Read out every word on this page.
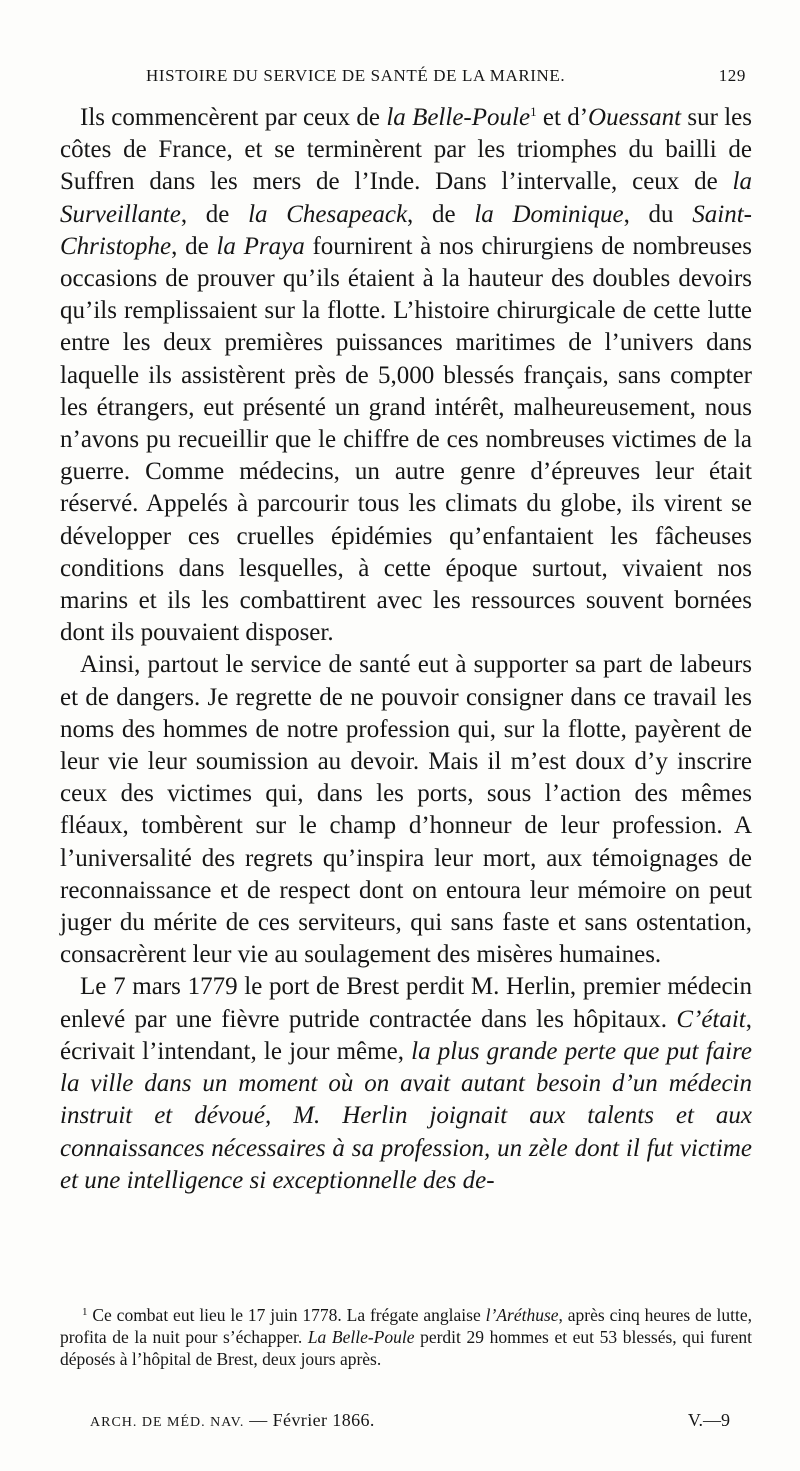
HISTOIRE DU SERVICE DE SANTÉ DE LA MARINE.	129

Ils commencèrent par ceux de la Belle-Poule$^1$ et d’Ouessant sur les côtes de France, et se terminèrent par les triomphes du bailli de Suffren dans les mers de l’Inde. Dans l’intervalle, ceux de la Surveillante, de la Chesapeack, de la Dominique, du Saint-Christophe, de la Praya fournirent à nos chirurgiens de nombreuses occasions de prouver qu’ils étaient à la hauteur des doubles devoirs qu’ils remplissaient sur la flotte. L’histoire chirurgicale de cette lutte entre les deux premières puissances maritimes de l’univers dans laquelle ils assistèrent près de 5,000 blessés français, sans compter les étrangers, eut présenté un grand intérêt, malheureusement, nous n’avons pu recueillir que le chiffre de ces nombreuses victimes de la guerre. Comme médecins, un autre genre d’épreuves leur était réservé. Appelés à parcourir tous les climats du globe, ils virent se développer ces cruelles épidémies qu’enfantaient les fâcheuses conditions dans lesquelles, à cette époque surtout, vivaient nos marins et ils les combattirent avec les ressources souvent bornées dont ils pouvaient disposer.

Ainsi, partout le service de santé eut à supporter sa part de labeurs et de dangers. Je regrette de ne pouvoir consigner dans ce travail les noms des hommes de notre profession qui, sur la flotte, payèrent de leur vie leur soumission au devoir. Mais il m’est doux d’y inscrire ceux des victimes qui, dans les ports, sous l’action des mêmes fléaux, tombèrent sur le champ d’honneur de leur profession. A l’universalité des regrets qu’inspira leur mort, aux témoignages de reconnaissance et de respect dont on entoura leur mémoire on peut juger du mérite de ces serviteurs, qui sans faste et sans ostentation, consacrèrent leur vie au soulagement des misères humaines.

Le 7 mars 1779 le port de Brest perdit M. Herlin, premier médecin enlevé par une fièvre putride contractée dans les hôpitaux. C’était, écrivait l’intendant, le jour même, la plus grande perte que put faire la ville dans un moment où on avait autant besoin d’un médecin instruit et dévoué, M. Herlin joignait aux talents et aux connaissances nécessaires à sa profession, un zèle dont il fut victime et une intelligence si exceptionnelle des de-

$^1$ Ce combat eut lieu le 17 juin 1778. La frégate anglaise l’Aréthuse, après cinq heures de lutte, profita de la nuit pour s’échapper. La Belle-Poule perdit 29 hommes et eut 53 blessés, qui furent déposés à l’hôpital de Brest, deux jours après.

ARCH. DE MÉD. NAV. — Février 1866.	V.—9
